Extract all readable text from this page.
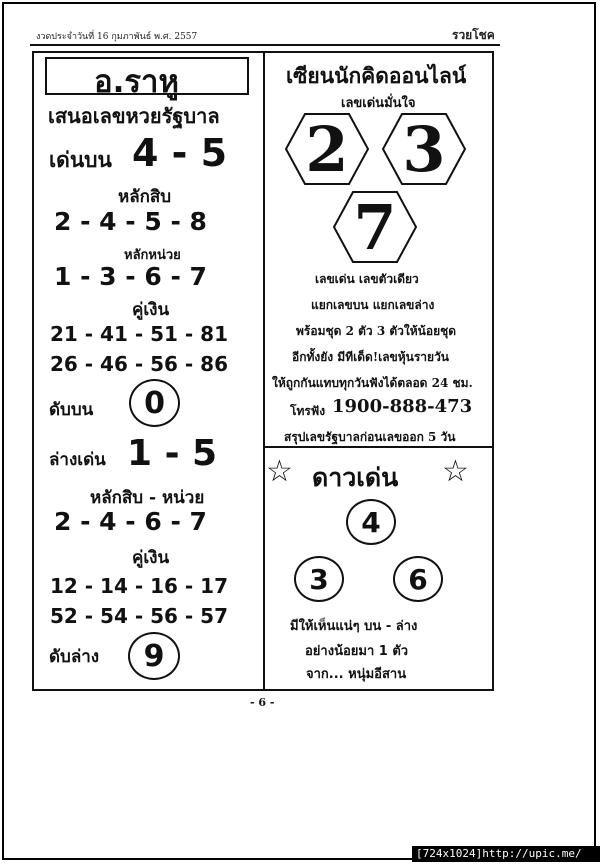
งวดประจำวันที่ 16 กุมภาพันธ์ พ.ศ. 2557	รวยโชค
อ.ราหู
เสนอเลขหวยรัฐบาล
เด่นบน 4 - 5
หลักสิบ
2 - 4 - 5 - 8
หลักหน่วย
1 - 3 - 6 - 7
คู่เงิน
21 - 41 - 51 - 81
26 - 46 - 56 - 86
ดับบน	0
ล่างเด่น 1 - 5
หลักสิบ - หน่วย
2 - 4 - 6 - 7
คู่เงิน
12 - 14 - 16 - 17
52 - 54 - 56 - 57
ดับล่าง	9
เซียนนักคิดออนไลน์
เลขเด่นมั่นใจ
2 3
7
เลขเด่น เลขตัวเดียว
แยกเลขบน แยกเลขล่าง
พร้อมชุด 2 ตัว 3 ตัวให้น้อยชุด
อีกทั้งยัง มีทีเด็ด!เลขหุ้นรายวัน
ให้ถูกกันแทบทุกวันฟังได้ตลอด 24 ชม.
โทรฟัง 1900-888-473
สรุปเลขรัฐบาลก่อนเลขออก 5 วัน
☆ ดาวเด่น ☆
4
3	6
มีให้เห็นแน่ๆ บน - ล่าง
อย่างน้อยมา 1 ตัว
จาก... หนุ่มอีสาน
- 6 -
[724x1024]http://upic.me/
